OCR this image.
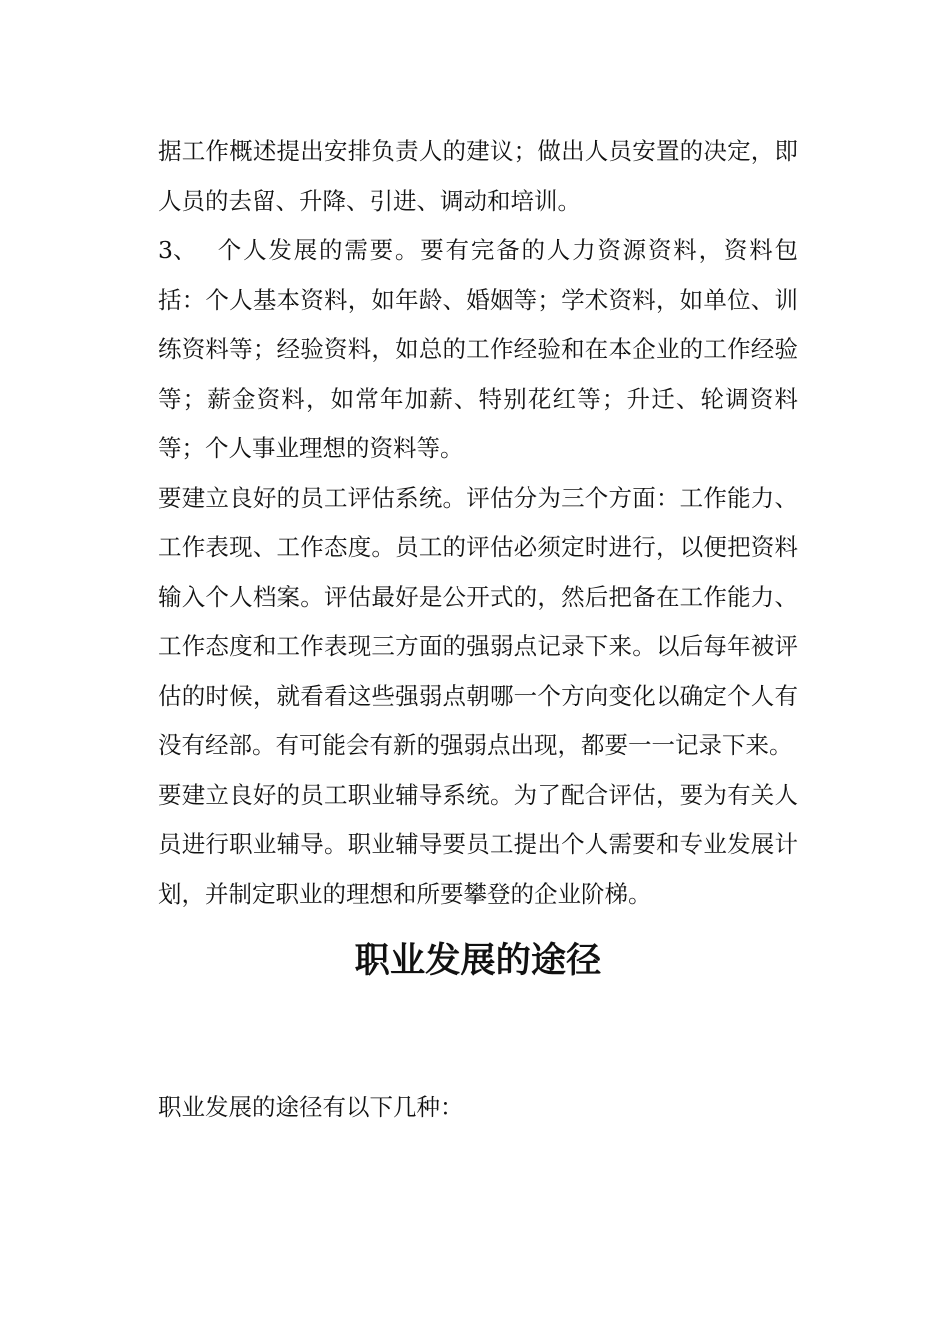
据工作概述提出安排负责人的建议；做出人员安置的决定，即人员的去留、升降、引进、调动和培训。

3、 个人发展的需要。要有完备的人力资源资料，资料包括：个人基本资料，如年龄、婚姻等；学术资料，如单位、训练资料等；经验资料，如总的工作经验和在本企业的工作经验等；薪金资料，如常年加薪、特别花红等；升迁、轮调资料等；个人事业理想的资料等。

要建立良好的员工评估系统。评估分为三个方面：工作能力、工作表现、工作态度。员工的评估必须定时进行，以便把资料输入个人档案。评估最好是公开式的，然后把备在工作能力、工作态度和工作表现三方面的强弱点记录下来。以后每年被评估的时候，就看看这些强弱点朝哪一个方向变化以确定个人有没有经部。有可能会有新的强弱点出现，都要一一记录下来。

要建立良好的员工职业辅导系统。为了配合评估，要为有关人员进行职业辅导。职业辅导要员工提出个人需要和专业发展计划，并制定职业的理想和所要攀登的企业阶梯。

职业发展的途径

职业发展的途径有以下几种：
